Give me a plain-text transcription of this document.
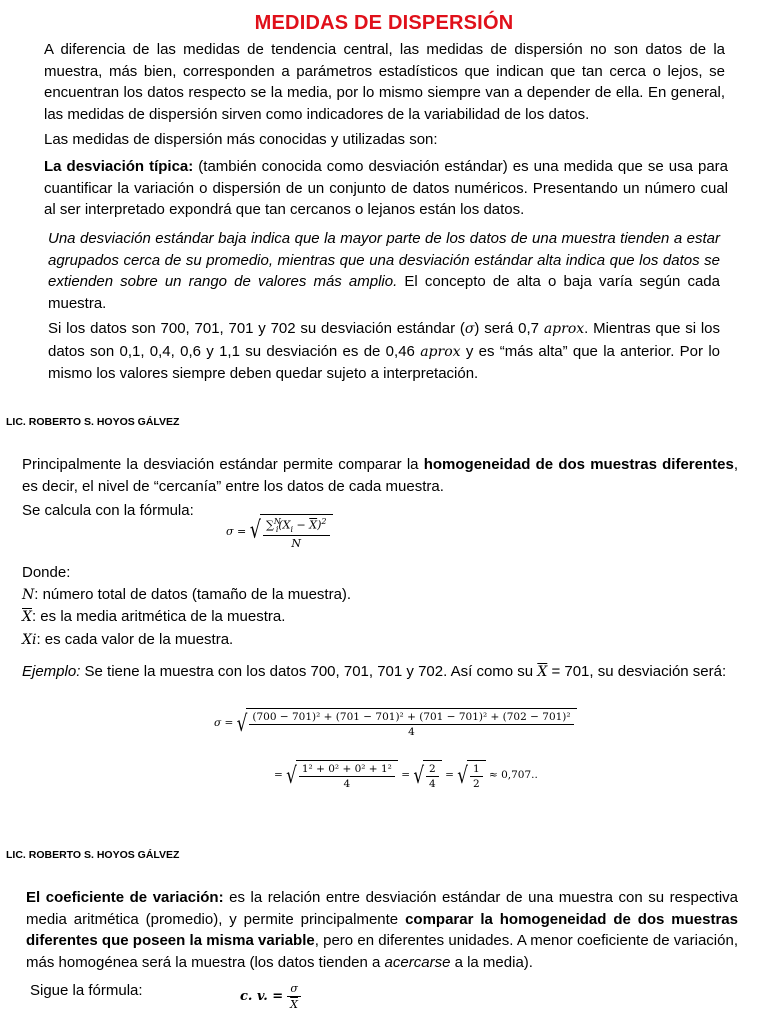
MEDIDAS DE DISPERSIÓN
A diferencia de las medidas de tendencia central, las medidas de dispersión no son datos de la muestra, más bien, corresponden a parámetros estadísticos que indican que tan cerca o lejos, se encuentran los datos respecto se la media, por lo mismo siempre van a depender de ella. En general, las medidas de dispersión sirven como indicadores de la variabilidad de los datos.
Las medidas de dispersión más conocidas y utilizadas son:
La desviación típica: (también conocida como desviación estándar) es una medida que se usa para cuantificar la variación o dispersión de un conjunto de datos numéricos. Presentando un número cual al ser interpretado expondrá que tan cercanos o lejanos están los datos.
Una desviación estándar baja indica que la mayor parte de los datos de una muestra tienden a estar agrupados cerca de su promedio, mientras que una desviación estándar alta indica que los datos se extienden sobre un rango de valores más amplio. El concepto de alta o baja varía según cada muestra.
Si los datos son 700, 701, 701 y 702 su desviación estándar (σ) será 0,7 aprox. Mientras que si los datos son 0,1, 0,4, 0,6 y 1,1 su desviación es de 0,46 aprox y es “más alta” que la anterior. Por lo mismo los valores siempre deben quedar sujeto a interpretación.
LIC. ROBERTO S. HOYOS GÁLVEZ
Principalmente la desviación estándar permite comparar la homogeneidad de dos muestras diferentes, es decir, el nivel de “cercanía” entre los datos de cada muestra.
Se calcula con la fórmula:
σ = √ $\frac{\sum^N_i(X_i - \overline{X})^2}{N}$
Donde:
N: número total de datos (tamaño de la muestra).
$\overline{X}$: es la media aritmética de la muestra.
Xi: es cada valor de la muestra.
Ejemplo: Se tiene la muestra con los datos 700, 701, 701 y 702. Así como su $\overline{X} = 701$, su desviación será:
σ = √ $\frac{\text{(700 − 701)² + (701 − 701)² + (701 − 701)² + (702 − 701)²}}{4}$
= √ $\frac{\text{1² + 0² + 0² + 1²}}{4}$ = √ $\frac{2}{4}$ = √ $\frac{1}{2} \approx 0,707$..
LIC. ROBERTO S. HOYOS GÁLVEZ
El coeficiente de variación: es la relación entre desviación estándar de una muestra con su respectiva media aritmética (promedio), y permite principalmente comparar la homogeneidad de dos muestras diferentes que poseen la misma variable, pero en diferentes unidades. A menor coeficiente de variación, más homogénea será la muestra (los datos tienden a acercarse a la media).
Sigue la fórmula:	c. v. = $\frac{\sigma}{X}$
